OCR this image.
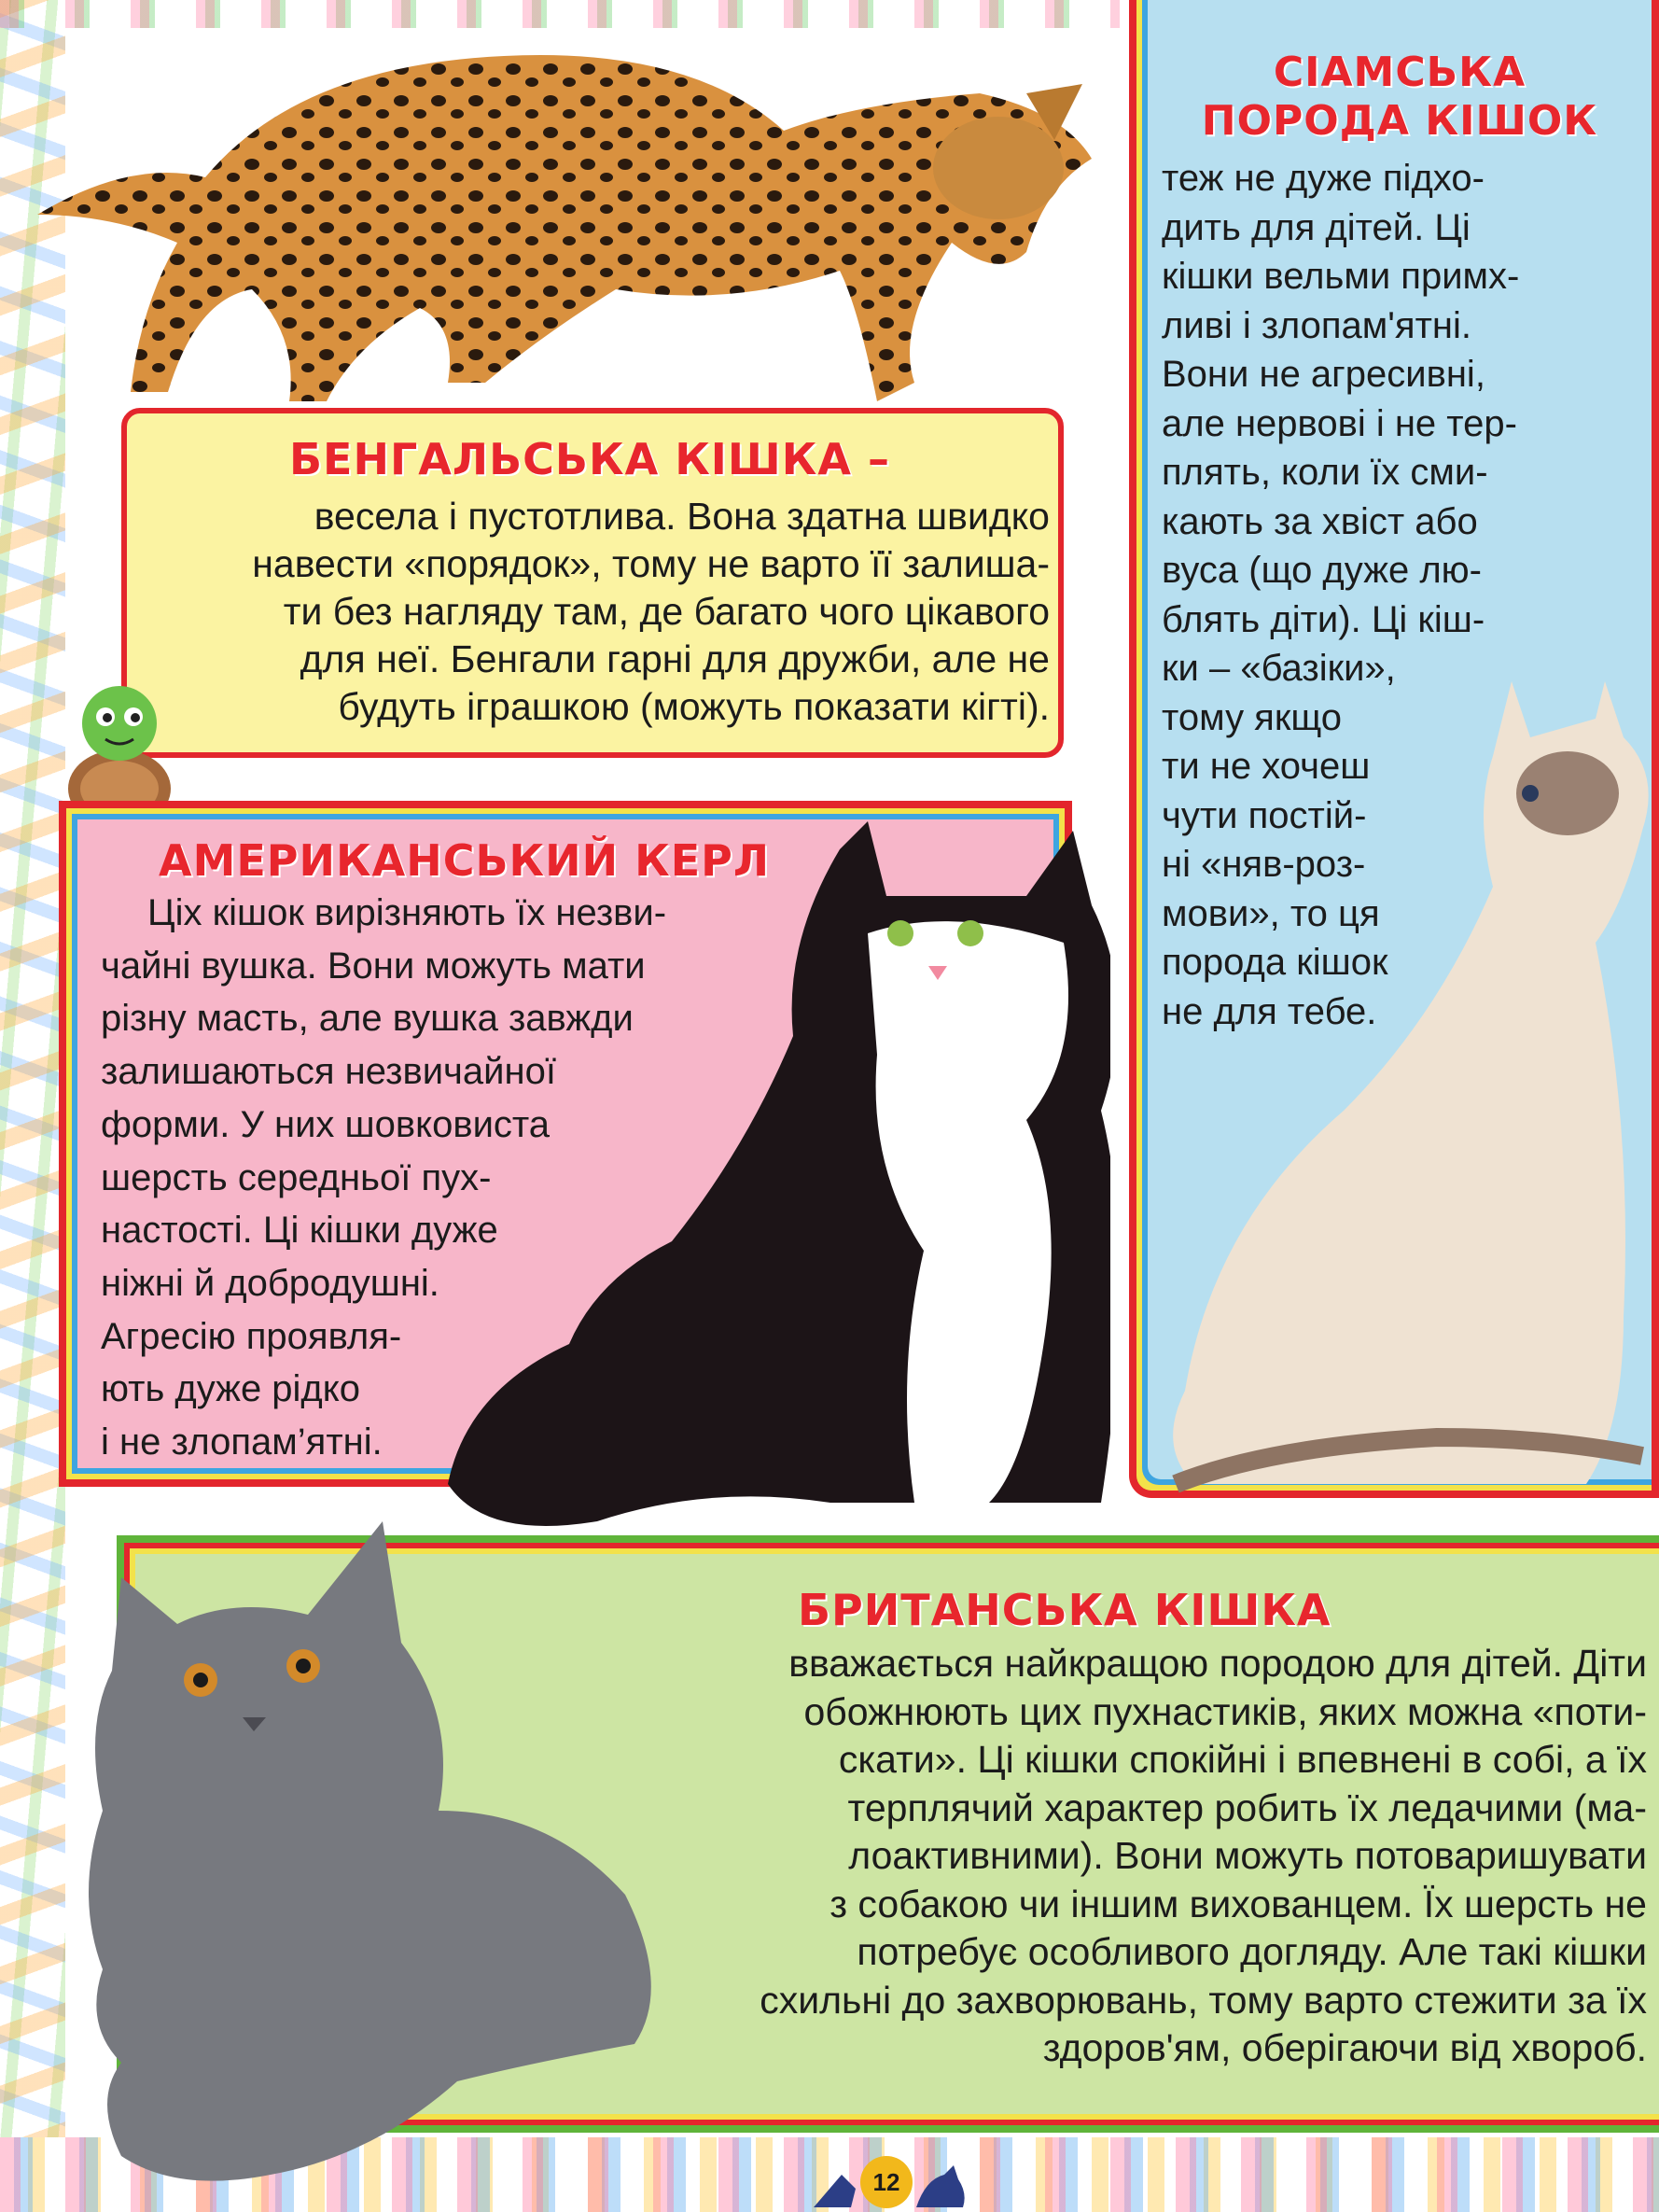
БЕНГАЛЬСЬКА КІШКА –
весела і пустотлива. Вона здатна швидко
навести «порядок», тому не варто її залиша-
ти без нагляду там, де багато чого цікавого
для неї. Бенгали гарні для дружби, але не
будуть іграшкою (можуть показати кігті).
СІАМСЬКА
ПОРОДА КІШОК
теж не дуже підхо-
дить для дітей. Ці
кішки вельми примх-
ливі і злопам'ятні.
Вони не агресивні,
але нервові і не тер-
плять, коли їх сми-
кають за хвіст або
вуса (що дуже лю-
блять діти). Ці кіш-
ки – «базіки»,
тому якщо
ти не хочеш
чути постій-
ні «няв-роз-
мови», то ця
порода кішок
не для тебе.
АМЕРИКАНСЬКИЙ КЕРЛ
Ціх кішок вирізняють їх незви-
чайні вушка. Вони можуть мати
різну масть, але вушка завжди
залишаються незвичайної
форми. У них шовковиста
шерсть середньої пух-
настості. Ці кішки дуже
ніжні й добродушні.
Агресію проявля-
ють дуже рідко
і не злопам’ятні.
БРИТАНСЬКА КІШКА
вважається найкращою породою для дітей. Діти
обожнюють цих пухнастиків, яких можна «поти-
скати». Ці кішки спокійні і впевнені в собі, а їх
терплячий характер робить їх ледачими (ма-
лоактивними). Вони можуть потоваришувати
з собакою чи іншим вихованцем. Їх шерсть не
потребує особливого догляду. Але такі кішки
схильні до захворювань, тому варто стежити за їх
здоров'ям, оберігаючи від хвороб.
12
